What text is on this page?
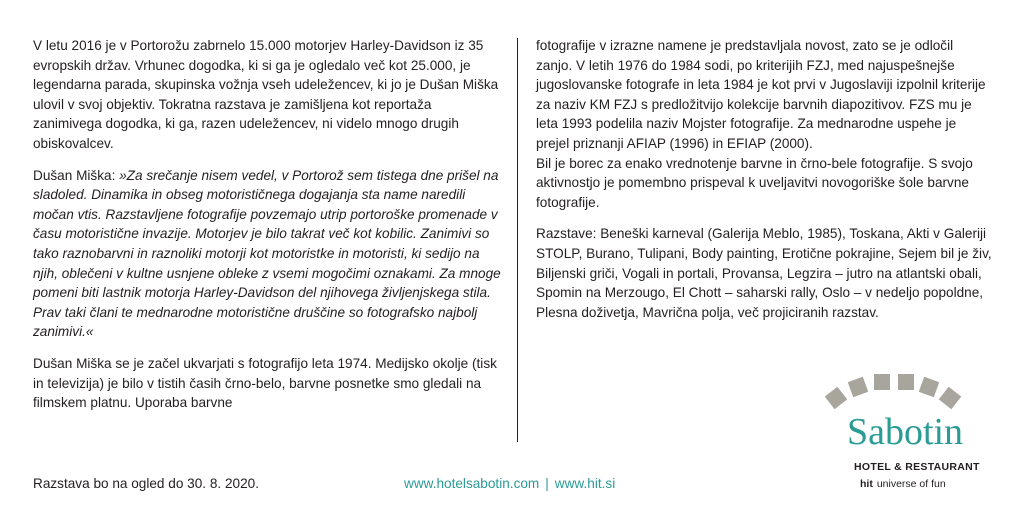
V letu 2016 je v Portorožu zabrnelo 15.000 motorjev Harley-Davidson iz 35 evropskih držav. Vrhunec dogodka, ki si ga je ogledalo več kot 25.000, je legendarna parada, skupinska vožnja vseh udeležencev, ki jo je Dušan Miška ulovil v svoj objektiv. Tokratna razstava je zamišljena kot reportaža zanimivega dogodka, ki ga, razen udeležencev, ni videlo mnogo drugih obiskovalcev.

Dušan Miška: »Za srečanje nisem vedel, v Portorož sem tistega dne prišel na sladoled. Dinamika in obseg motorističnega dogajanja sta name naredili močan vtis. Razstavljene fotografije povzemajo utrip portoroške promenade v času motoristične invazije. Motorjev je bilo takrat več kot kobilic. Zanimivi so tako raznobarvni in raznoliki motorji kot motoristke in motoristi, ki sedijo na njih, oblečeni v kultne usnjene obleke z vsemi mogočimi oznakami. Za mnoge pomeni biti lastnik motorja Harley-Davidson del njihovega življenjskega stila. Prav taki člani te mednarodne motoristične druščine so fotografsko najbolj zanimivi.«

Dušan Miška se je začel ukvarjati s fotografijo leta 1974. Medijsko okolje (tisk in televizija) je bilo v tistih časih črno-belo, barvne posnetke smo gledali na filmskem platnu. Uporaba barvne

fotografije v izrazne namene je predstavljala novost, zato se je odločil zanjo. V letih 1976 do 1984 sodi, po kriterijih FZJ, med najuspešnejše jugoslovanske fotografe in leta 1984 je kot prvi v Jugoslaviji izpolnil kriterije za naziv KM FZJ s predložitvijo kolekcije barvnih diapozitivov. FZS mu je leta 1993 podelila naziv Mojster fotografije. Za mednarodne uspehe je prejel priznanji AFIAP (1996) in EFIAP (2000).

Bil je borec za enako vrednotenje barvne in črno-bele fotografije. S svojo aktivnostjo je pomembno prispeval k uveljavitvi novogoriške šole barvne fotografije.

Razstave: Beneški karneval (Galerija Meblo, 1985), Toskana, Akti v Galeriji STOLP, Burano, Tulipani, Body painting, Erotične pokrajine, Sejem bil je živ, Biljenski griči, Vogali in portali, Provansa, Legzira – jutro na atlantski obali, Spomin na Merzougo, El Chott – saharski rally, Oslo – v nedeljo popoldne, Plesna doživetja, Mavrična polja, več projiciranih razstav.

Razstava bo na ogled do 30. 8. 2020.	www.hotelsabotin.com | www.hit.si
Sabotin
HOTEL & RESTAURANT
hit universe of fun
